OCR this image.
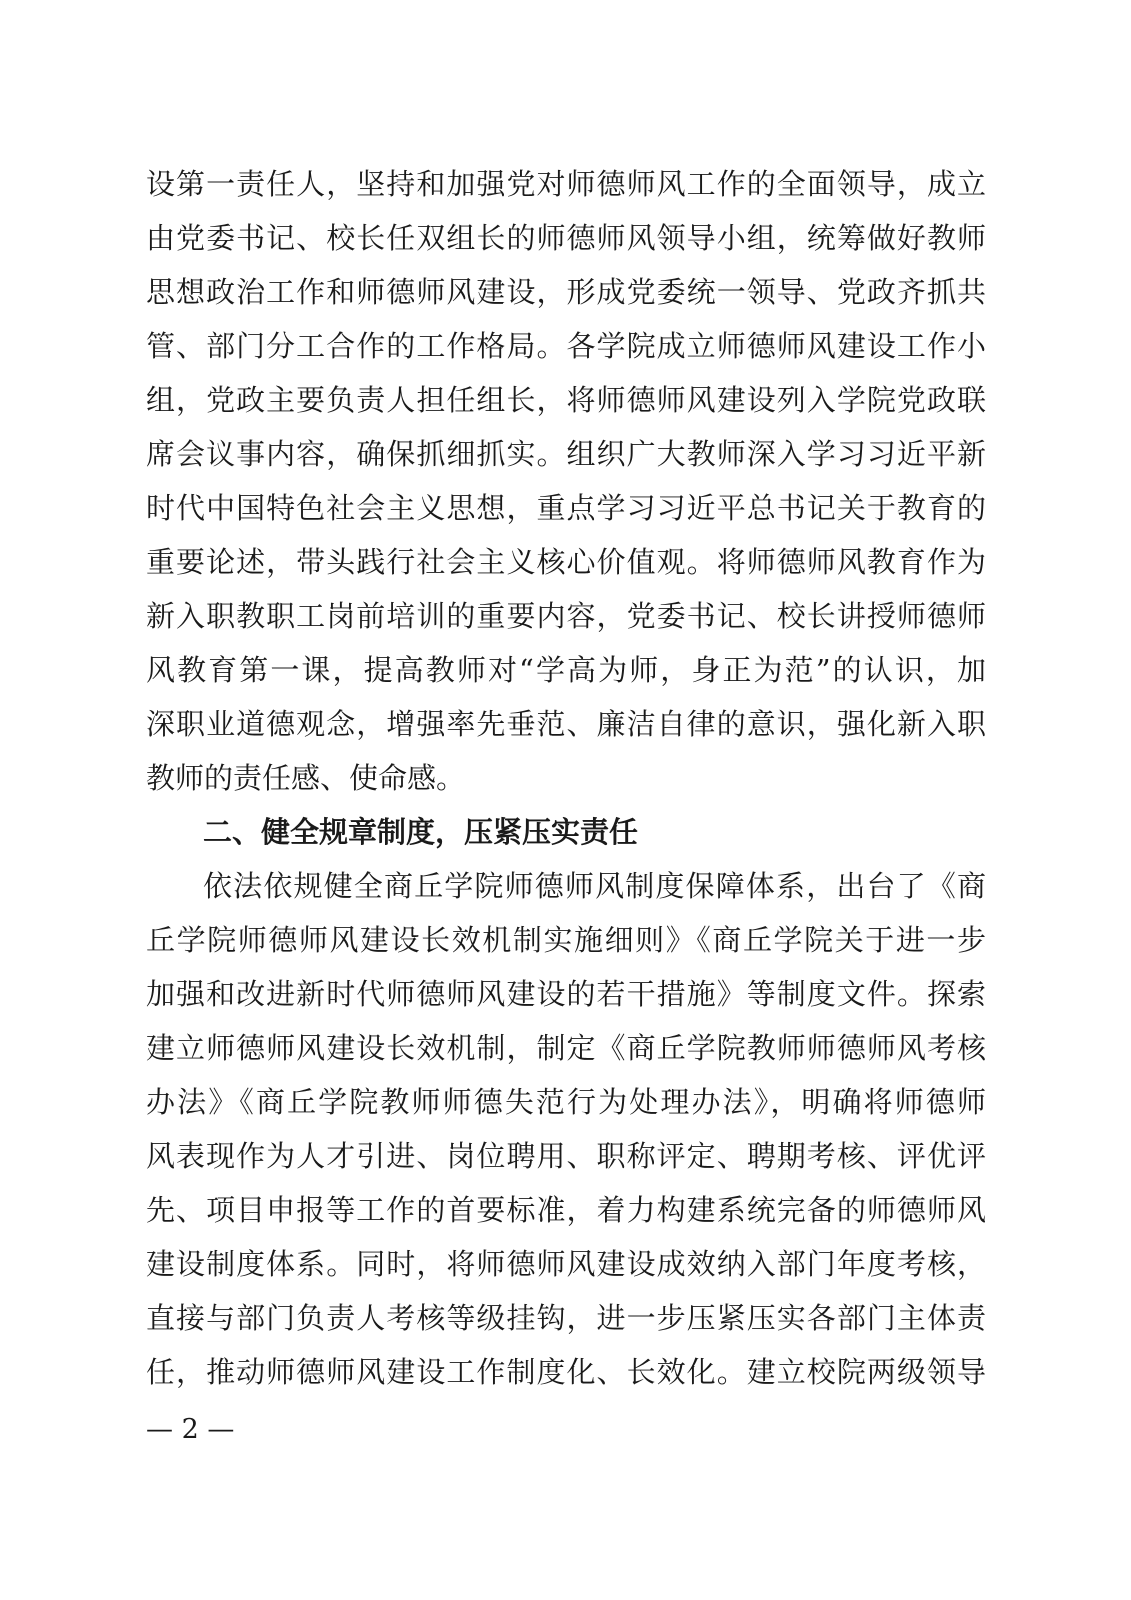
设第一责任人，坚持和加强党对师德师风工作的全面领导，成立
由党委书记、校长任双组长的师德师风领导小组，统筹做好教师
思想政治工作和师德师风建设，形成党委统一领导、党政齐抓共
管、部门分工合作的工作格局。各学院成立师德师风建设工作小
组，党政主要负责人担任组长，将师德师风建设列入学院党政联
席会议事内容，确保抓细抓实。组织广大教师深入学习习近平新
时代中国特色社会主义思想，重点学习习近平总书记关于教育的
重要论述，带头践行社会主义核心价值观。将师德师风教育作为
新入职教职工岗前培训的重要内容，党委书记、校长讲授师德师
风教育第一课，提高教师对“学高为师，身正为范”的认识，加
深职业道德观念，增强率先垂范、廉洁自律的意识，强化新入职
教师的责任感、使命感。
二、健全规章制度，压紧压实责任
依法依规健全商丘学院师德师风制度保障体系，出台了《商
丘学院师德师风建设长效机制实施细则》《商丘学院关于进一步
加强和改进新时代师德师风建设的若干措施》等制度文件。探索
建立师德师风建设长效机制，制定《商丘学院教师师德师风考核
办法》《商丘学院教师师德失范行为处理办法》，明确将师德师
风表现作为人才引进、岗位聘用、职称评定、聘期考核、评优评
先、项目申报等工作的首要标准，着力构建系统完备的师德师风
建设制度体系。同时，将师德师风建设成效纳入部门年度考核，
直接与部门负责人考核等级挂钩，进一步压紧压实各部门主体责
任，推动师德师风建设工作制度化、长效化。建立校院两级领导
— 2 —
